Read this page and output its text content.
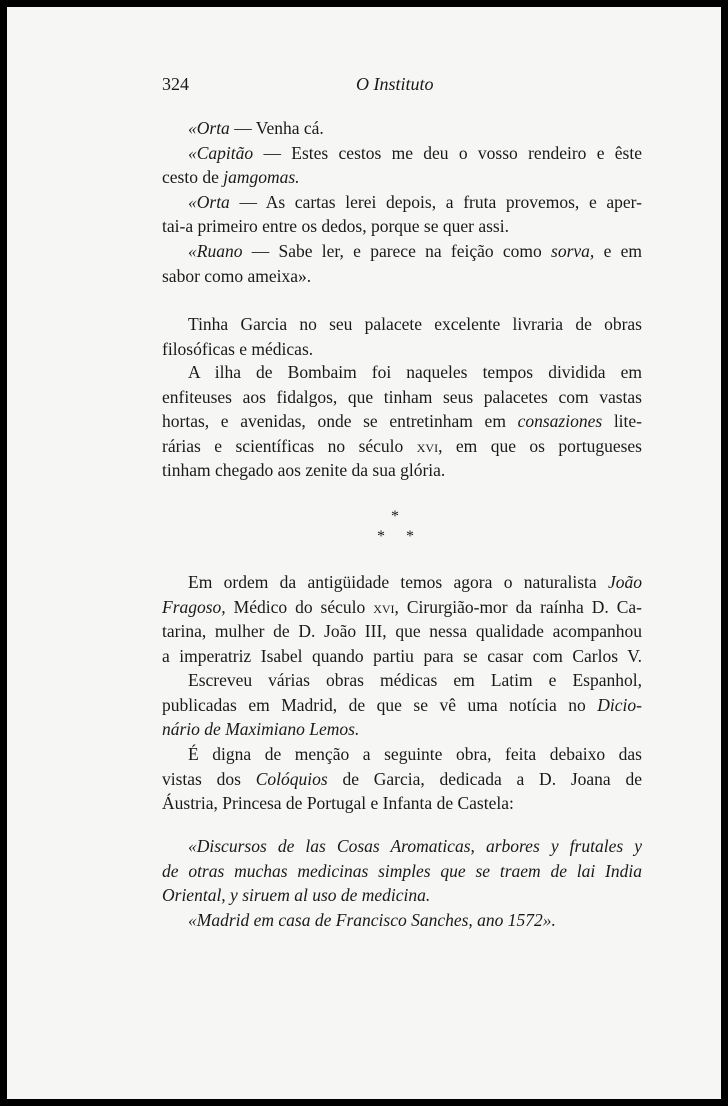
324	O Instituto
«Orta — Venha cá.
«Capitão — Estes cestos me deu o vosso rendeiro e êste
cesto de jamgomas.
«Orta — As cartas lerei depois, a fruta provemos, e aper-
tai-a primeiro entre os dedos, porque se quer assi.
«Ruano — Sabe ler, e parece na feição como sorva, e em
sabor como ameixa».
Tinha Garcia no seu palacete excelente livraria de obras
filosóficas e médicas.
A ilha de Bombaim foi naqueles tempos dividida em
enfiteuses aos fidalgos, que tinham seus palacetes com vastas
hortas, e avenidas, onde se entretinham em consaziones lite-
rárias e scientíficas no século xvi, em que os portugueses
tinham chegado aos zenite da sua glória.
*
* *
Em ordem da antigüidade temos agora o naturalista João
Fragoso, Médico do século xvi, Cirurgião-mor da raínha D. Ca-
tarina, mulher de D. João III, que nessa qualidade acompanhou
a imperatriz Isabel quando partiu para se casar com Carlos V.
Escreveu várias obras médicas em Latim e Espanhol,
publicadas em Madrid, de que se vê uma notícia no Dicio-
nário de Maximiano Lemos.
É digna de menção a seguinte obra, feita debaixo das
vistas dos Colóquios de Garcia, dedicada a D. Joana de
Áustria, Princesa de Portugal e Infanta de Castela:
«Discursos de las Cosas Aromaticas, arbores y frutales y
de otras muchas medicinas simples que se traem de lai India
Oriental, y siruem al uso de medicina.
«Madrid em casa de Francisco Sanches, ano 1572».
